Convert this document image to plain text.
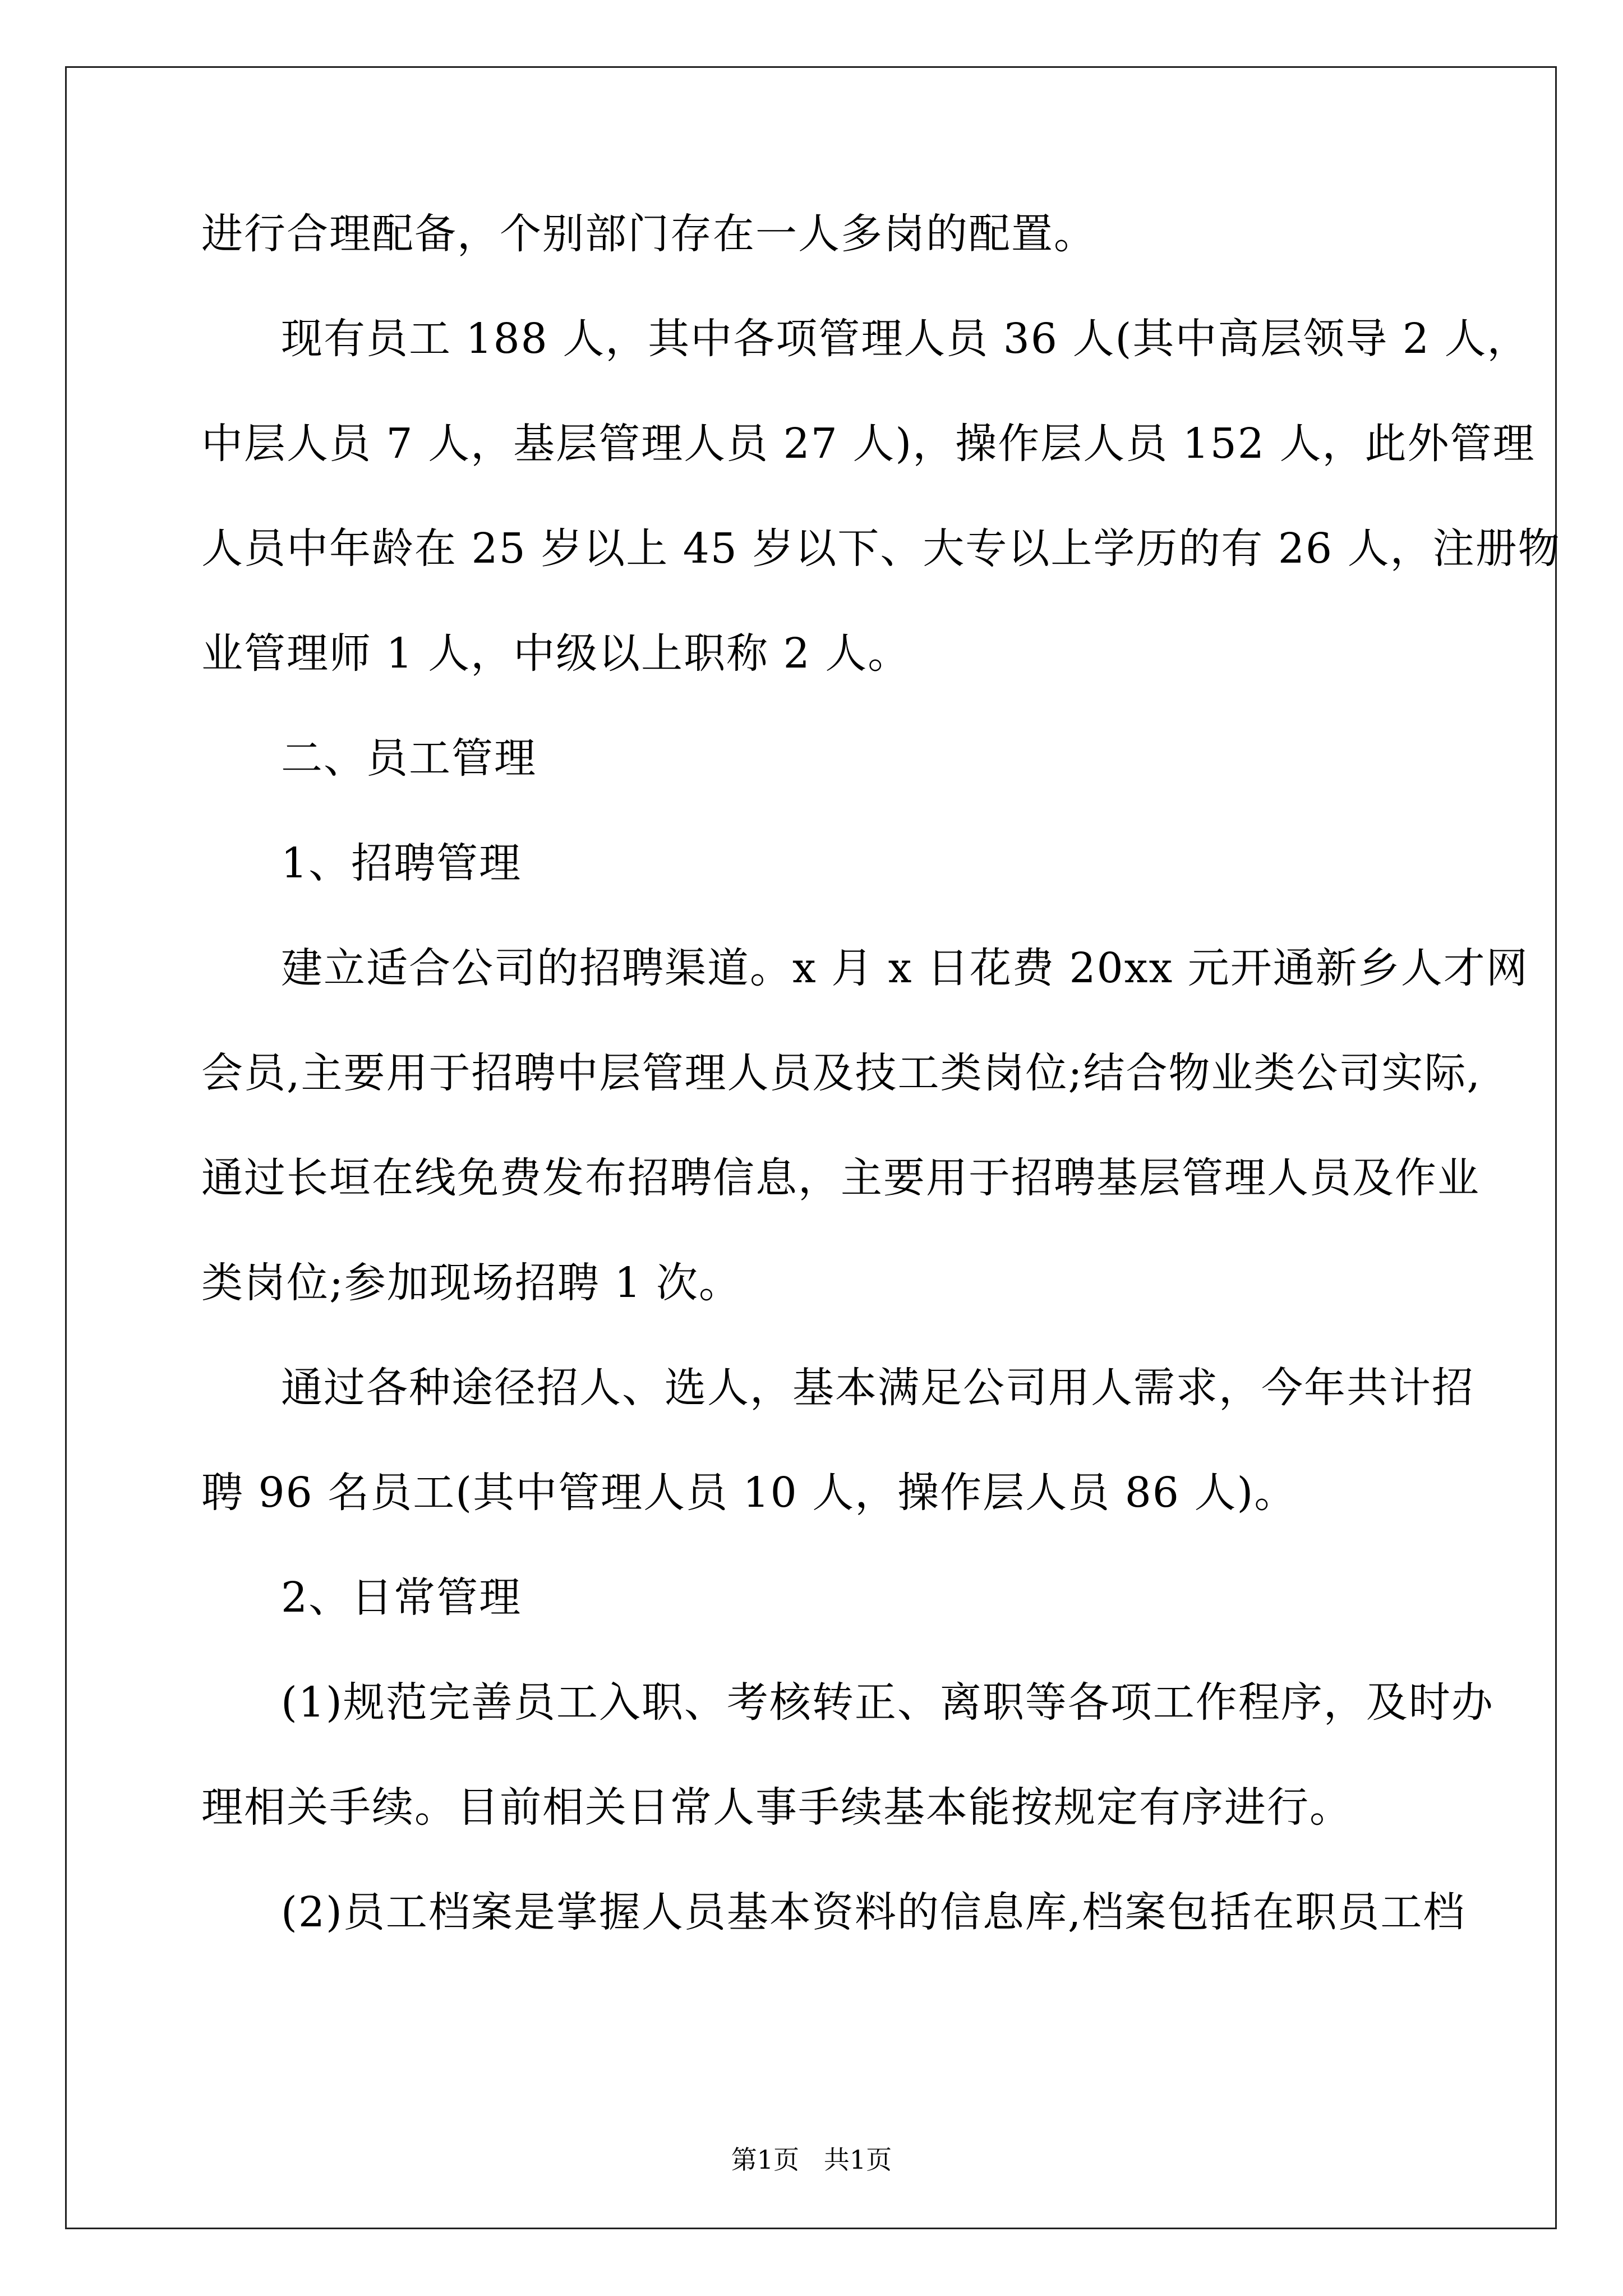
进行合理配备，个别部门存在一人多岗的配置。
现有员工 188 人，其中各项管理人员 36 人(其中高层领导 2 人，
中层人员 7 人，基层管理人员 27 人)，操作层人员 152 人，此外管理
人员中年龄在 25 岁以上 45 岁以下、大专以上学历的有 26 人，注册物
业管理师 1 人，中级以上职称 2 人。
二、员工管理
1、招聘管理
建立适合公司的招聘渠道。x 月 x 日花费 20xx 元开通新乡人才网
会员,主要用于招聘中层管理人员及技工类岗位;结合物业类公司实际,
通过长垣在线免费发布招聘信息，主要用于招聘基层管理人员及作业
类岗位;参加现场招聘 1 次。
通过各种途径招人、选人，基本满足公司用人需求，今年共计招
聘 96 名员工(其中管理人员 10 人，操作层人员 86 人)。
2、日常管理
(1)规范完善员工入职、考核转正、离职等各项工作程序，及时办
理相关手续。目前相关日常人事手续基本能按规定有序进行。
(2)员工档案是掌握人员基本资料的信息库,档案包括在职员工档
第1页   共1页
